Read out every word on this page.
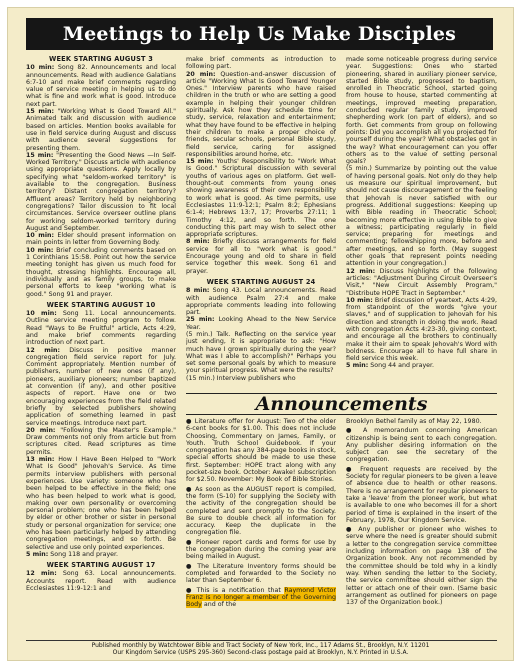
Meetings to Help Us Make Disciples
WEEK STARTING AUGUST 3

10 min: Song 82. Announcements and local announcements. Read with audience Galatians 6:7-10 and make brief comments regarding value of service meeting in helping us to do what is fine and work what is good. Introduce next part.

15 min: "Working What Is Good Toward All." Animated talk and discussion with audience based on articles. Mention books available for use in field service during August and discuss with audience several suggestions for presenting them.

15 min: "Presenting the Good News —In Self-Worked Territory." Discuss article with audience using appropriate questions. Apply locally by specifying what "seldom-worked territory" is available to the congregation. Business territory? Distant congregation territory? Affluent areas? Territory held by neighboring congregations? Tailor discussion to fit local circumstances. Service overseer outline plans for working seldom-worked territory during August and September.

10 min: Elder should present information on main points in letter from Governing Body.

10 min: Brief concluding comments based on 1 Corinthians 15:58. Point out how the service meeting tonight has given us much food for thought, stressing highlights. Encourage all, individually and as family groups, to make personal efforts to keep "working what is good." Song 91 and prayer.

WEEK STARTING AUGUST 10

10 min: Song 11. Local announcements. Outline service meeting program to follow. Read "Ways to Be Fruitful" article, Acts 4:29, and make brief comments regarding introduction of next part.

12 min: Discuss in positive manner congregation field service report for July. Comment appropriately. Mention number of publishers, number of new ones (if any), pioneers, auxiliary pioneers; number baptized at convention (if any), and other positive aspects of report. Have one or two encouraging experiences from the field related briefly by selected publishers showing application of something learned in past service meetings. Introduce next part.

20 min: "Following the Master's Example." Draw comments not only from article but from scriptures cited. Read scriptures as time permits.

13 min: How I Have Been Helped to "Work What Is Good" Jehovah's Service. As time permits interview publishers with personal experiences. Use variety: someone who has been helped to be effective in the field; one who has been helped to work what is good, making over own personality or overcoming personal problem; one who has been helped by elder or other brother or sister in personal study or personal organization for service; one who has been particularly helped by attending congregation meetings, and so forth. Be selective and use only pointed experiences.

5 min: Song 118 and prayer.

WEEK STARTING AUGUST 17

12 min: Song 63. Local announcements. Accounts report. Read with audience Ecclesiastes 11:9-12:1 and

make brief comments as introduction to following part.

20 min: Question-and-answer discussion of article "Working What Is Good Toward Younger Ones." Interview parents who have raised children in the truth or who are setting a good example in helping their younger children spiritually. Ask how they schedule time for study, service, relaxation and entertainment; what they have found to be effective in helping their children to make a proper choice of friends, secular schools, personal Bible study, field service, caring for assigned responsibilities around home, etc.

15 min: Youths' Responsibility to "Work What Is Good." Scriptural discussion with several youths of various ages on platform. Get well-thought-out comments from young ones showing awareness of their own responsibility to work what is good. As time permits, use Ecclesiastes 11:9-12:1; Psalm 8:2; Ephesians 6:1-4; Hebrews 13:7, 17; Proverbs 27:11; 1 Timothy 4:12, and so forth. The one conducting this part may wish to select other appropriate scriptures.

8 min: Briefly discuss arrangements for field service for all to "work what is good." Encourage young and old to share in field service together this week. Song 61 and prayer.

WEEK STARTING AUGUST 24

8 min: Song 43. Local announcements. Read with audience Psalm 27:4 and make appropriate comments leading into following part.

25 min: Looking Ahead to the New Service Year.

(5 min.) Talk. Reflecting on the service year just ending, it is appropriate to ask: "How much have I grown spiritually during the year? What was I able to accomplish?" Perhaps you set some personal goals by which to measure your spiritual progress. What were the results?

(15 min.) Interview publishers who

made some noticeable progress during service year. Suggestions: Ones who started pioneering, shared in auxiliary pioneer service, started Bible study, progressed to baptism, enrolled in Theocratic School, started going from house to house, started commenting at meetings, improved meeting preparation, conducted regular family study, improved shepherding work (on part of elders), and so forth. Get comments from group on following points: Did you accomplish all you projected for yourself during the year? What obstacles got in the way? What encouragement can you offer others as to the value of setting personal goals?

(5 min.) Summarize by pointing out the value of having personal goals. Not only do they help us measure our spiritual improvement, but should not cause discouragement or the feeling that Jehovah is never satisfied with our progress. Additional suggestions: Keeping up with Bible reading in Theocratic School; becoming more effective in using Bible to give a witness; participating regularly in field service; preparing for meetings and commenting; fellowshipping more, before and after meetings, and so forth. (May suggest other goals that represent points needing attention in your congregation.)

12 min: Discuss highlights of the following articles: "Adjustment During Circuit Overseer's Visit," "New Circuit Assembly Program," "Distribute HOPE Tract in September."

10 min: Brief discussion of yeartext, Acts 4:29, from standpoint of the words "give your slaves," and of supplication to Jehovah for his direction and strength in doing the work. Read with congregation Acts 4:23-30, giving context, and encourage all the brothers to continually make it their aim to speak Jehovah's Word with boldness. Encourage all to have full share in field service this week.

5 min: Song 44 and prayer.

Announcements

● Literature offer for August: Two of the older 6-cent books for $1.00. This does not include Choosing, Commentary on James, Family, or Youth. Truth School Guidebook. If your congregation has any 384-page books in stock, special efforts should be made to use these first. September: HOPE tract along with any pocket-size book. October: Awake! subscription for $2.50. November: My Book of Bible Stories.

● As soon as the AUGUST report is compiled, the form (S-10) for supplying the Society with the activity of the congregation should be completed and sent promptly to the Society. Be sure to double check all information for accuracy. Keep the duplicate in the congregation file.

● Pioneer report cards and forms for use by the congregation during the coming year are being mailed in August.

● The Literature Inventory forms should be completed and forwarded to the Society no later than September 6.

● This is a notification that Raymond Victor Franz is no longer a member of the Governing Body and of the

Brooklyn Bethel family as of May 22, 1980.

● A memorandum concerning American citizenship is being sent to each congregation. Any publisher desiring information on the subject can see the secretary of the congregation.

● Frequent requests are received by the Society for regular pioneers to be given a leave of absence due to health or other reasons. There is no arrangement for regular pioneers to take a 'leave' from the pioneer work, but what is available to one who becomes ill for a short period of time is explained in the insert of the February, 1978, Our Kingdom Service.

● Any publisher or pioneer who wishes to serve where the need is greater should submit a letter to the congregation service committee including information on page 138 of the Organization book. Any not recommended by the committee should be told why in a kindly way. When sending the letter to the Society, the service committee should either sign the letter or attach one of their own. (Same basic arrangement as outlined for pioneers on page 137 of the Organization book.)

Published monthly by Watchtower Bible and Tract Society of New York, Inc., 117 Adams St., Brooklyn, N.Y. 11201
Our Kingdom Service (USPS 295-360) Second-class postage paid at Brooklyn, N.Y. Printed in U.S.A.
